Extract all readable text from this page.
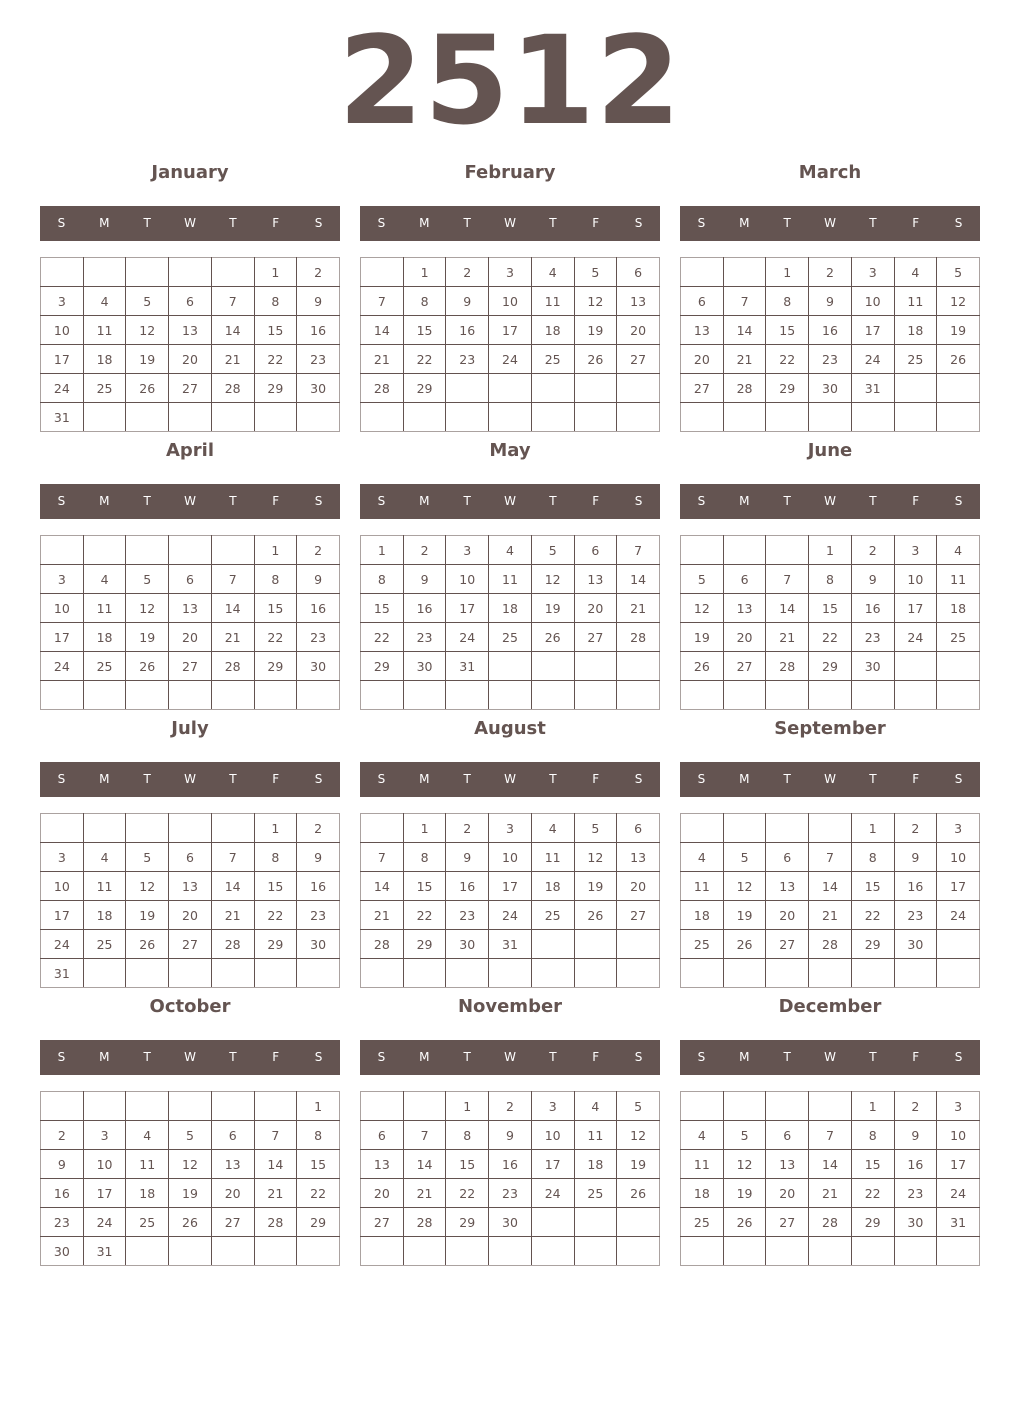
2512
January
S	M	T	W	T	F	S
					1	2
3	4	5	6	7	8	9
10	11	12	13	14	15	16
17	18	19	20	21	22	23
24	25	26	27	28	29	30
31						
February
S	M	T	W	T	F	S
	1	2	3	4	5	6
7	8	9	10	11	12	13
14	15	16	17	18	19	20
21	22	23	24	25	26	27
28	29					

March
S	M	T	W	T	F	S
		1	2	3	4	5
6	7	8	9	10	11	12
13	14	15	16	17	18	19
20	21	22	23	24	25	26
27	28	29	30	31		

April
S	M	T	W	T	F	S
					1	2
3	4	5	6	7	8	9
10	11	12	13	14	15	16
17	18	19	20	21	22	23
24	25	26	27	28	29	30

May
S	M	T	W	T	F	S
1	2	3	4	5	6	7
8	9	10	11	12	13	14
15	16	17	18	19	20	21
22	23	24	25	26	27	28
29	30	31				

June
S	M	T	W	T	F	S
			1	2	3	4
5	6	7	8	9	10	11
12	13	14	15	16	17	18
19	20	21	22	23	24	25
26	27	28	29	30		

July
S	M	T	W	T	F	S
					1	2
3	4	5	6	7	8	9
10	11	12	13	14	15	16
17	18	19	20	21	22	23
24	25	26	27	28	29	30
31						
August
S	M	T	W	T	F	S
	1	2	3	4	5	6
7	8	9	10	11	12	13
14	15	16	17	18	19	20
21	22	23	24	25	26	27
28	29	30	31			

September
S	M	T	W	T	F	S
				1	2	3
4	5	6	7	8	9	10
11	12	13	14	15	16	17
18	19	20	21	22	23	24
25	26	27	28	29	30	

October
S	M	T	W	T	F	S
						1
2	3	4	5	6	7	8
9	10	11	12	13	14	15
16	17	18	19	20	21	22
23	24	25	26	27	28	29
30	31					
November
S	M	T	W	T	F	S
		1	2	3	4	5
6	7	8	9	10	11	12
13	14	15	16	17	18	19
20	21	22	23	24	25	26
27	28	29	30			

December
S	M	T	W	T	F	S
				1	2	3
4	5	6	7	8	9	10
11	12	13	14	15	16	17
18	19	20	21	22	23	24
25	26	27	28	29	30	31
